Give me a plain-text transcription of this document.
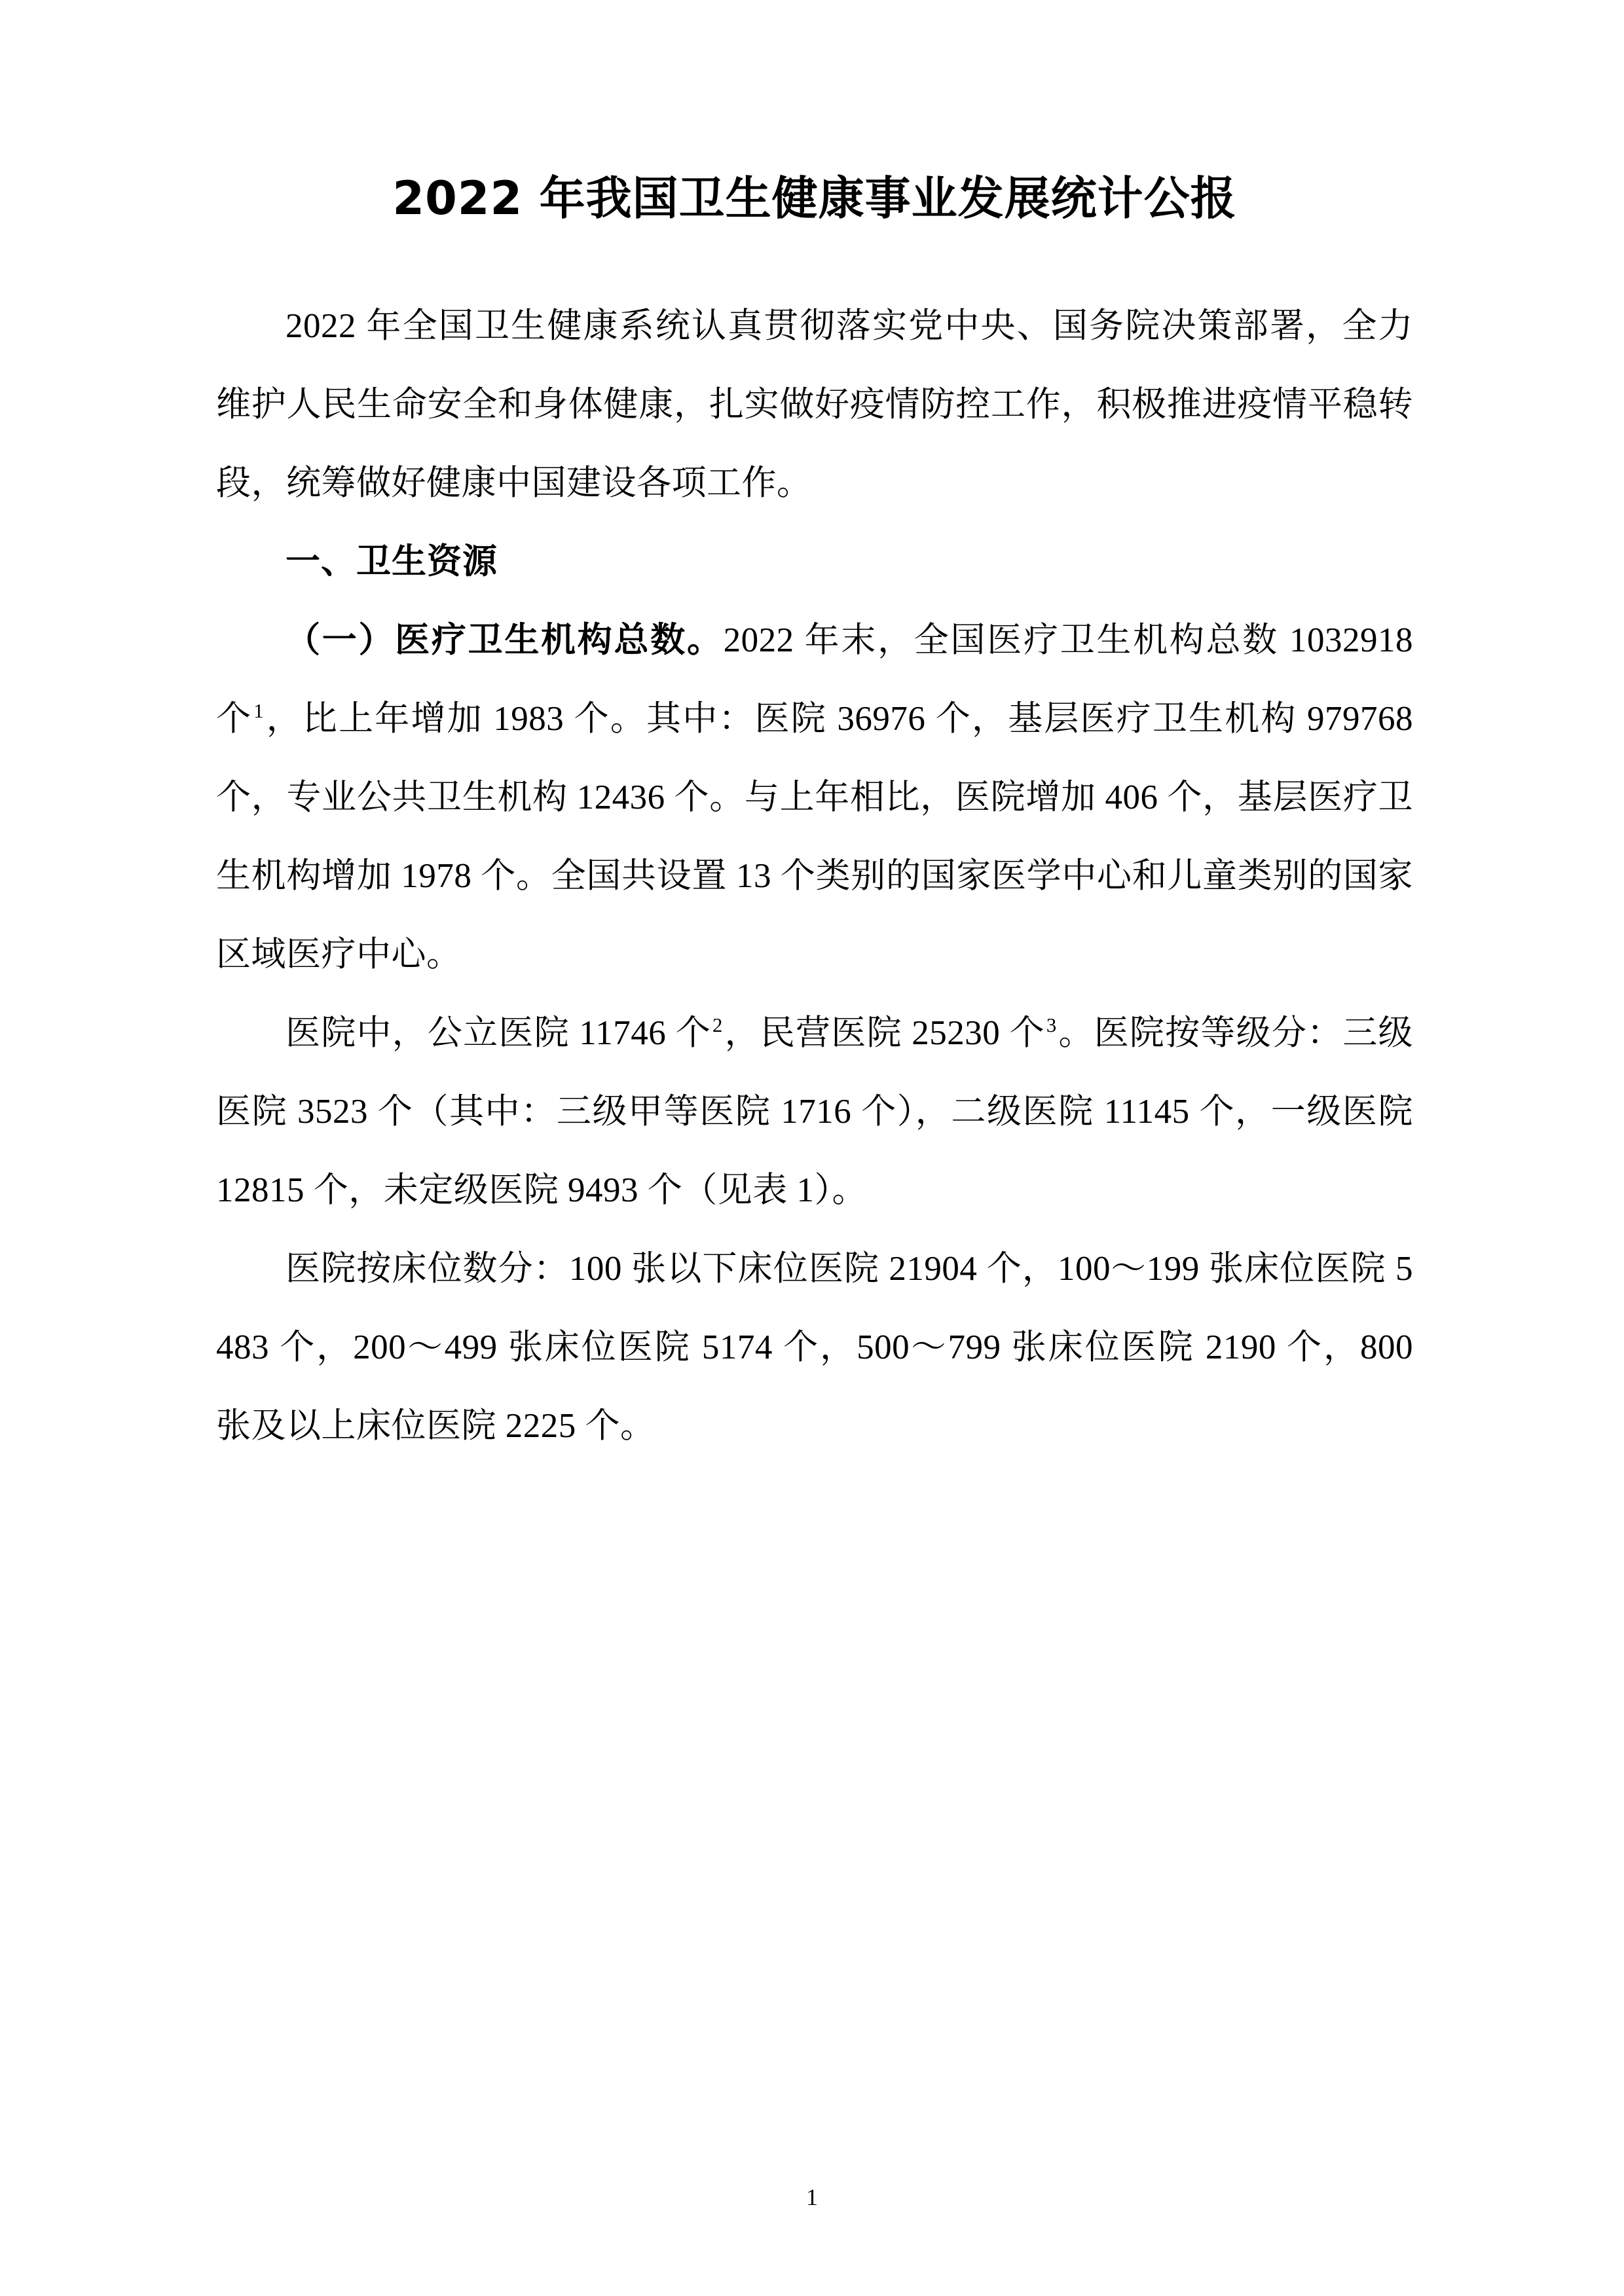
2022 年我国卫生健康事业发展统计公报

2022 年全国卫生健康系统认真贯彻落实党中央、国务院决策部署，全力维护人民生命安全和身体健康，扎实做好疫情防控工作，积极推进疫情平稳转段，统筹做好健康中国建设各项工作。

一、卫生资源

（一）医疗卫生机构总数。2022 年末，全国医疗卫生机构总数 1032918 个$^1$，比上年增加 1983 个。其中：医院 36976 个，基层医疗卫生机构 979768 个，专业公共卫生机构 12436 个。与上年相比，医院增加 406 个，基层医疗卫生机构增加 1978 个。全国共设置 13 个类别的国家医学中心和儿童类别的国家区域医疗中心。

医院中，公立医院 11746 个$^2$，民营医院 25230 个$^3$。医院按等级分：三级医院 3523 个（其中：三级甲等医院 1716 个），二级医院 11145 个，一级医院 12815 个，未定级医院 9493 个（见表 1）。

医院按床位数分：100 张以下床位医院 21904 个，100～199 张床位医院 5483 个，200～499 张床位医院 5174 个，500～799 张床位医院 2190 个，800 张及以上床位医院 2225 个。

1
